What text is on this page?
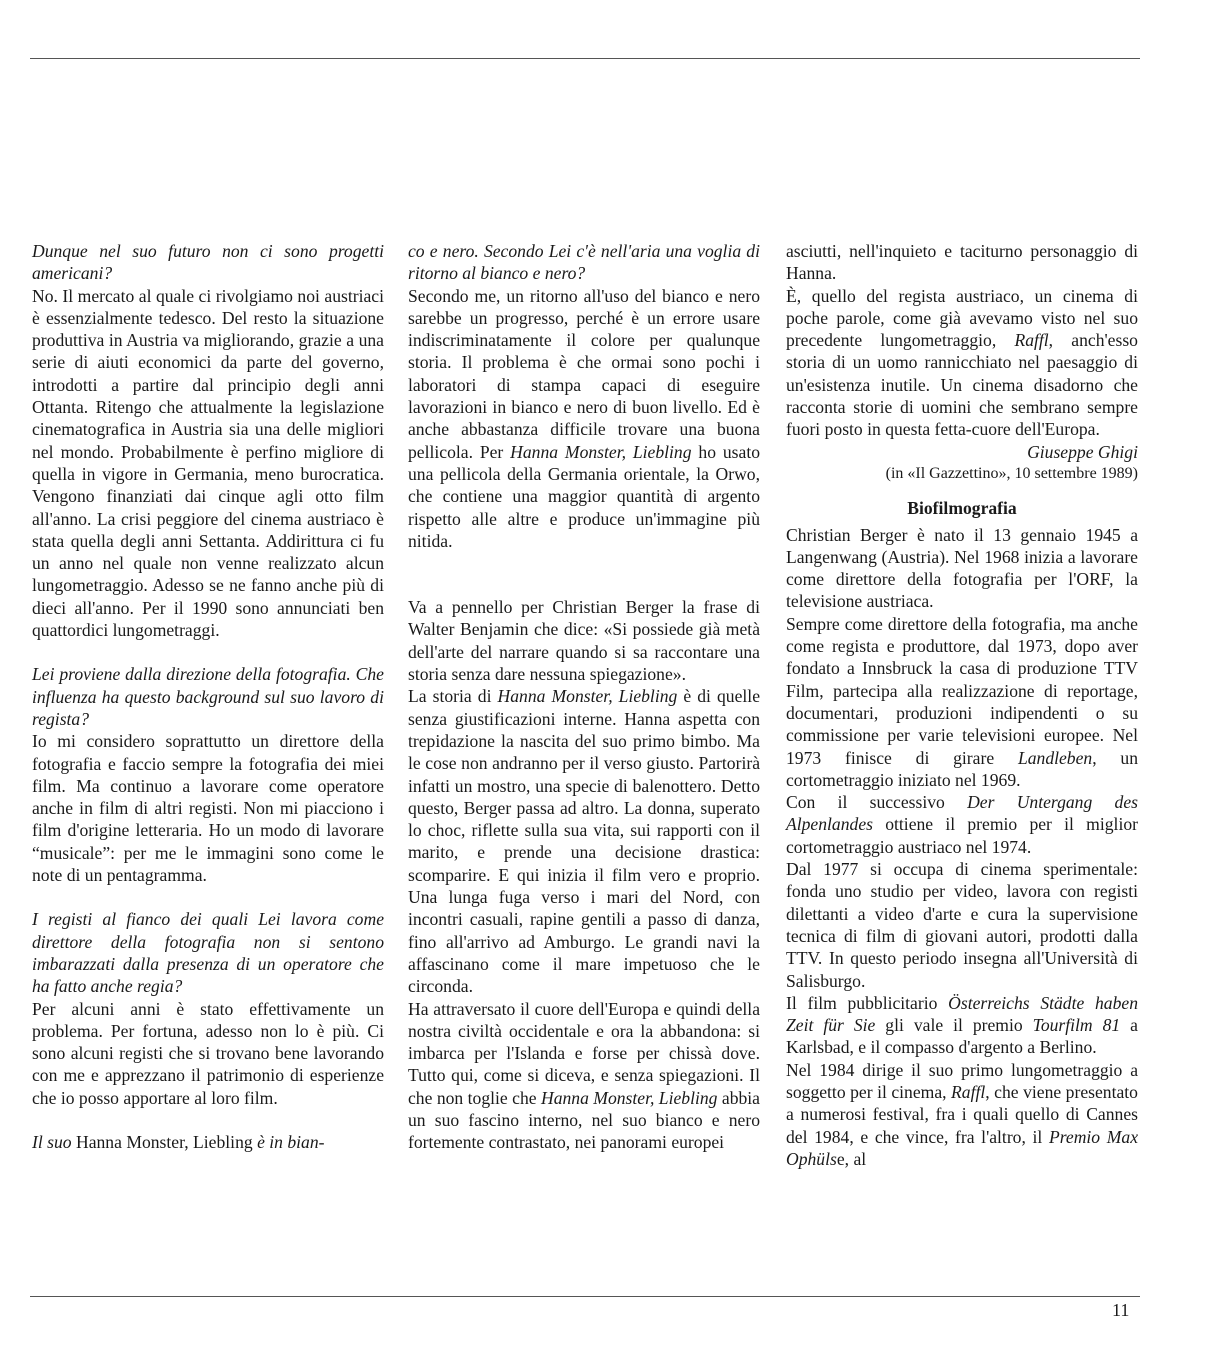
Dunque nel suo futuro non ci sono progetti americani?

No. Il mercato al quale ci rivolgiamo noi austriaci è essenzialmente tedesco. Del resto la situazione produttiva in Austria va migliorando, grazie a una serie di aiuti economici da parte del governo, introdotti a partire dal principio degli anni Ottanta. Ritengo che attualmente la legislazione cinematografica in Austria sia una delle migliori nel mondo. Probabilmente è perfino migliore di quella in vigore in Germania, meno burocratica. Vengono finanziati dai cinque agli otto film all'anno. La crisi peggiore del cinema austriaco è stata quella degli anni Settanta. Addirittura ci fu un anno nel quale non venne realizzato alcun lungometraggio. Adesso se ne fanno anche più di dieci all'anno. Per il 1990 sono annunciati ben quattordici lungometraggi.

Lei proviene dalla direzione della fotografia. Che influenza ha questo background sul suo lavoro di regista?

Io mi considero soprattutto un direttore della fotografia e faccio sempre la fotografia dei miei film. Ma continuo a lavorare come operatore anche in film di altri registi. Non mi piacciono i film d'origine letteraria. Ho un modo di lavorare “musicale”: per me le immagini sono come le note di un pentagramma.

I registi al fianco dei quali Lei lavora come direttore della fotografia non si sentono imbarazzati dalla presenza di un operatore che ha fatto anche regia?

Per alcuni anni è stato effettivamente un problema. Per fortuna, adesso non lo è più. Ci sono alcuni registi che si trovano bene lavorando con me e apprezzano il patrimonio di esperienze che io posso apportare al loro film.

Il suo Hanna Monster, Liebling è in bian-

co e nero. Secondo Lei c'è nell'aria una voglia di ritorno al bianco e nero?

Secondo me, un ritorno all'uso del bianco e nero sarebbe un progresso, perché è un errore usare indiscriminatamente il colore per qualunque storia. Il problema è che ormai sono pochi i laboratori di stampa capaci di eseguire lavorazioni in bianco e nero di buon livello. Ed è anche abbastanza difficile trovare una buona pellicola. Per Hanna Monster, Liebling ho usato una pellicola della Germania orientale, la Orwo, che contiene una maggior quantità di argento rispetto alle altre e produce un'immagine più nitida.

Va a pennello per Christian Berger la frase di Walter Benjamin che dice: «Si possiede già metà dell'arte del narrare quando si sa raccontare una storia senza dare nessuna spiegazione».

La storia di Hanna Monster, Liebling è di quelle senza giustificazioni interne. Hanna aspetta con trepidazione la nascita del suo primo bimbo. Ma le cose non andranno per il verso giusto. Partorirà infatti un mostro, una specie di balenottero. Detto questo, Berger passa ad altro. La donna, superato lo choc, riflette sulla sua vita, sui rapporti con il marito, e prende una decisione drastica: scomparire. E qui inizia il film vero e proprio. Una lunga fuga verso i mari del Nord, con incontri casuali, rapine gentili a passo di danza, fino all'arrivo ad Amburgo. Le grandi navi la affascinano come il mare impetuoso che le circonda.

Ha attraversato il cuore dell'Europa e quindi della nostra civiltà occidentale e ora la abbandona: si imbarca per l'Islanda e forse per chissà dove. Tutto qui, come si diceva, e senza spiegazioni. Il che non toglie che Hanna Monster, Liebling abbia un suo fascino interno, nel suo bianco e nero fortemente contrastato, nei panorami europei

asciutti, nell'inquieto e taciturno personaggio di Hanna.

È, quello del regista austriaco, un cinema di poche parole, come già avevamo visto nel suo precedente lungometraggio, Raffl, anch'esso storia di un uomo rannicchiato nel paesaggio di un'esistenza inutile. Un cinema disadorno che racconta storie di uomini che sembrano sempre fuori posto in questa fetta-cuore dell'Europa.

Giuseppe Ghigi
(in «Il Gazzettino», 10 settembre 1989)
Biofilmografia

Christian Berger è nato il 13 gennaio 1945 a Langenwang (Austria). Nel 1968 inizia a lavorare come direttore della fotografia per l'ORF, la televisione austriaca.

Sempre come direttore della fotografia, ma anche come regista e produttore, dal 1973, dopo aver fondato a Innsbruck la casa di produzione TTV Film, partecipa alla realizzazione di reportage, documentari, produzioni indipendenti o su commissione per varie televisioni europee. Nel 1973 finisce di girare Landleben, un cortometraggio iniziato nel 1969.

Con il successivo Der Untergang des Alpenlandes ottiene il premio per il miglior cortometraggio austriaco nel 1974.

Dal 1977 si occupa di cinema sperimentale: fonda uno studio per video, lavora con registi dilettanti a video d'arte e cura la supervisione tecnica di film di giovani autori, prodotti dalla TTV. In questo periodo insegna all'Università di Salisburgo.

Il film pubblicitario Österreichs Städte haben Zeit für Sie gli vale il premio Tourfilm 81 a Karlsbad, e il compasso d'argento a Berlino.

Nel 1984 dirige il suo primo lungometraggio a soggetto per il cinema, Raffl, che viene presentato a numerosi festival, fra i quali quello di Cannes del 1984, e che vince, fra l'altro, il Premio Max Ophülse, al

11
